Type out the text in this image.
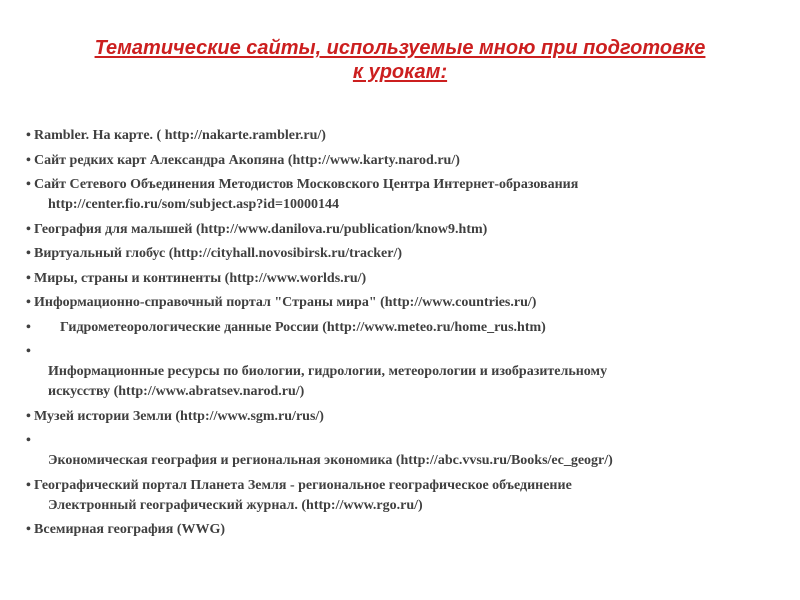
Тематические сайты, используемые мною при подготовке
к урокам:
• Rambler. На карте. ( http://nakarte.rambler.ru/)
• Сайт редких карт Александра Акопяна (http://www.karty.narod.ru/)
• Сайт Сетевого Объединения Методистов Московского Центра Интернет-образования
http://center.fio.ru/som/subject.asp?id=10000144
• География для малышей (http://www.danilova.ru/publication/know9.htm)
• Виртуальный глобус (http://cityhall.novosibirsk.ru/tracker/)
• Миры, страны и континенты (http://www.worlds.ru/)
• Информационно-справочный портал "Страны мира" (http://www.countries.ru/)
• Гидрометеорологические данные России (http://www.meteo.ru/home_rus.htm)
•
Информационные ресурсы по биологии, гидрологии, метеорологии и изобразительному
искусству (http://www.abratsev.narod.ru/)
• Музей истории Земли (http://www.sgm.ru/rus/)
•
Экономическая география и региональная экономика (http://abc.vvsu.ru/Books/ec_geogr/)
• Географический портал Планета Земля - региональное географическое объединение
Электронный географический журнал. (http://www.rgo.ru/)
• Всемирная география (WWG)
